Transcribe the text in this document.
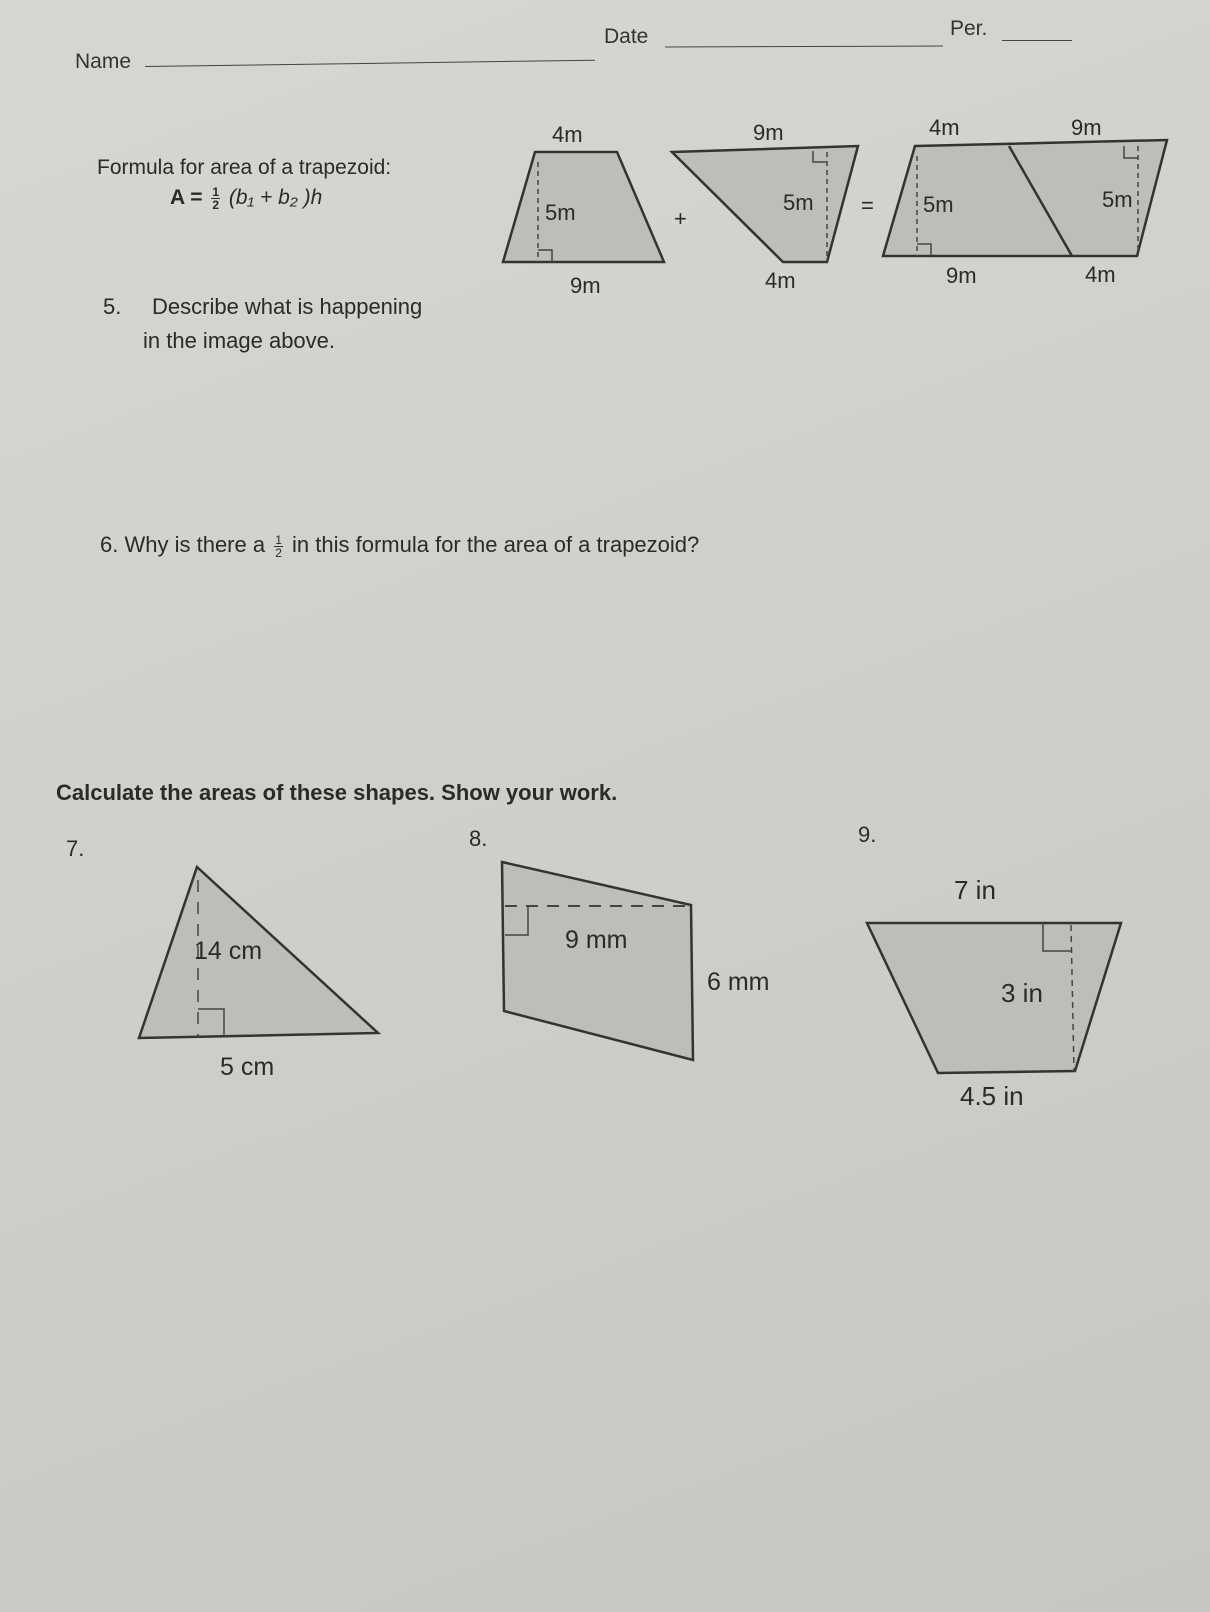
Name
Date	Per.
Formula for area of a trapezoid:
$A = \frac{1}{2} (b_1 + b_2$ )h
5. Describe what is happening
in the image above.
6. Why is there a $\frac{1}{2}$ in this formula for the area of a trapezoid?
Calculate the areas of these shapes. Show your work.
7.	8.	9.
4m
5m
9m
+
9m
5m
4m
=
4m	9m
5m	5m
9m	4m
14 cm
5 cm
9 mm
6 mm
7 in
3 in
4.5 in
